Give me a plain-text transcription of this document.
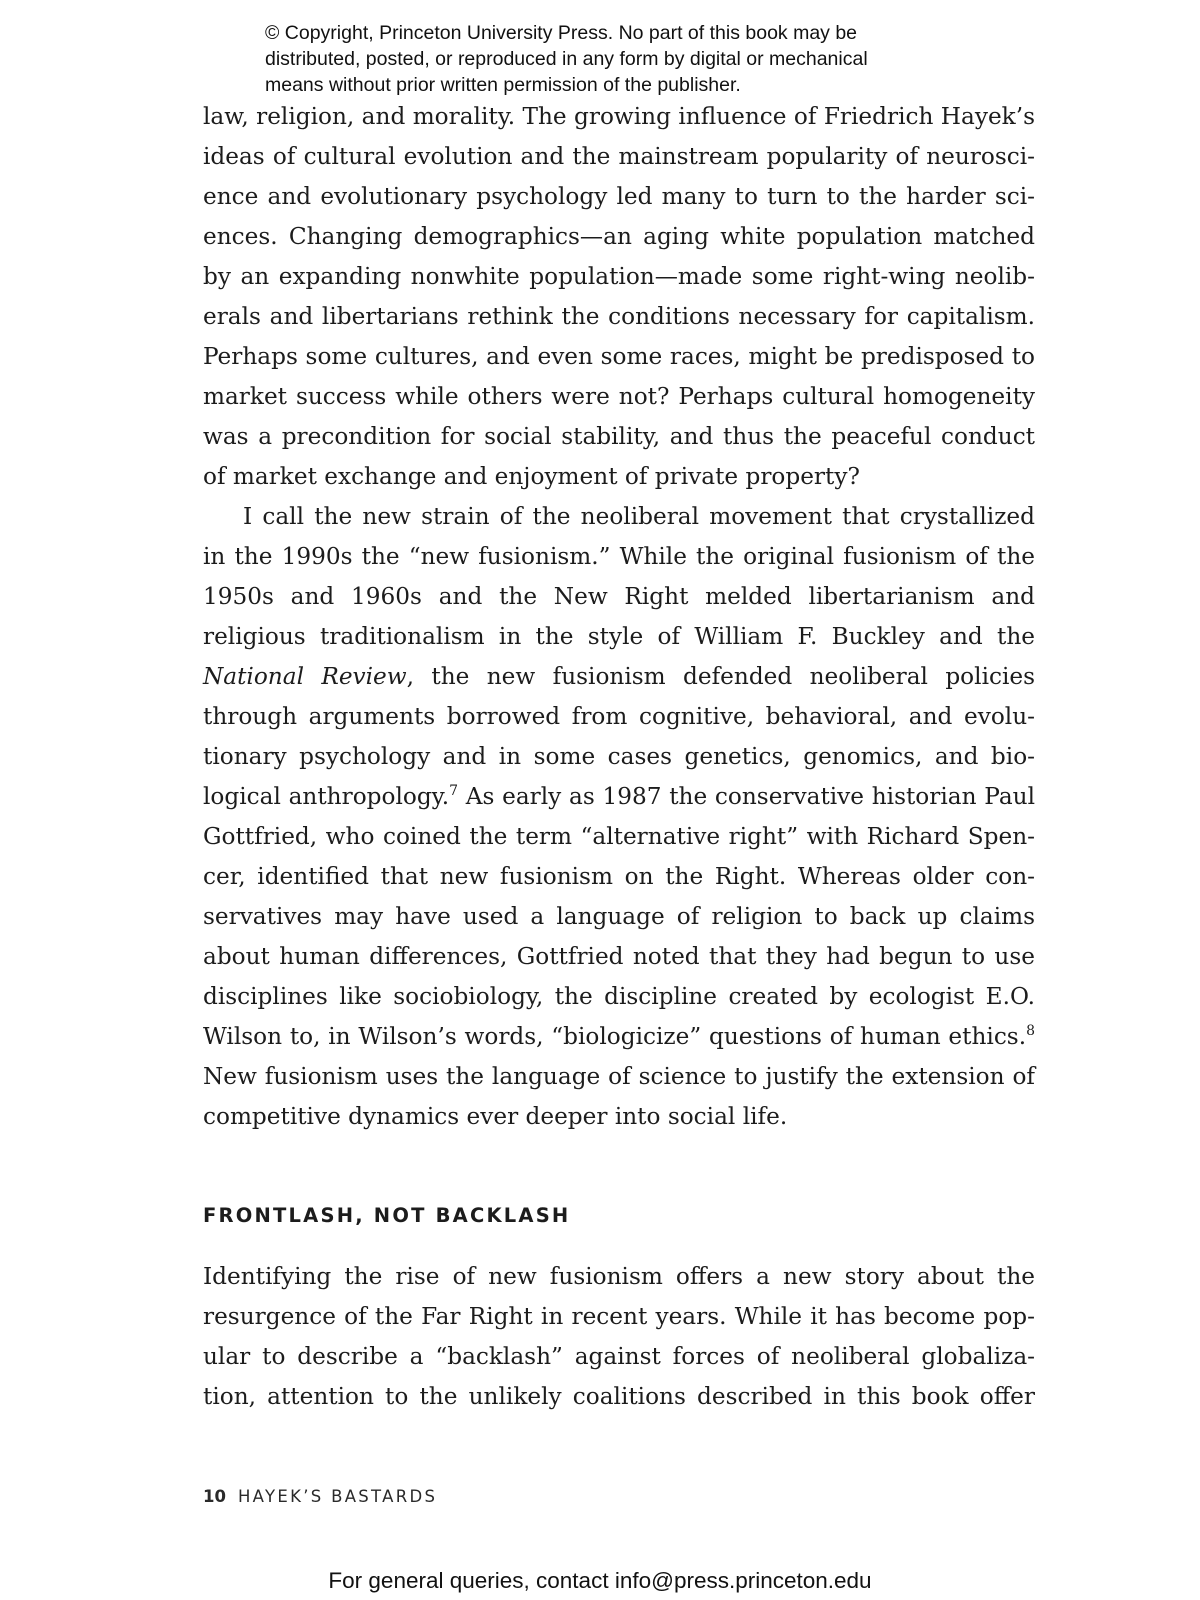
© Copyright, Princeton University Press. No part of this book may be
distributed, posted, or reproduced in any form by digital or mechanical
means without prior written permission of the publisher.

law, religion, and morality. The growing influence of Friedrich Hayek’s ideas of cultural evolution and the mainstream popularity of neuroscience and evolutionary psychology led many to turn to the harder sciences. Changing demographics—an aging white population matched by an expanding nonwhite population—made some right-wing neoliberals and libertarians rethink the conditions necessary for capitalism. Perhaps some cultures, and even some races, might be predisposed to market success while others were not? Perhaps cultural homogeneity was a precondition for social stability, and thus the peaceful conduct of market exchange and enjoyment of private property?

I call the new strain of the neoliberal movement that crystallized in the 1990s the “new fusionism.” While the original fusionism of the 1950s and 1960s and the New Right melded libertarianism and religious traditionalism in the style of William F. Buckley and the National Review, the new fusionism defended neoliberal policies through arguments borrowed from cognitive, behavioral, and evolutionary psychology and in some cases genetics, genomics, and biological anthropology.$^7$ As early as 1987 the conservative historian Paul Gottfried, who coined the term “alternative right” with Richard Spencer, identified that new fusionism on the Right. Whereas older conservatives may have used a language of religion to back up claims about human differences, Gottfried noted that they had begun to use disciplines like sociobiology, the discipline created by ecologist E.O. Wilson to, in Wilson’s words, “biologicize” questions of human ethics.$^8$ New fusionism uses the language of science to justify the extension of competitive dynamics ever deeper into social life.

FRONTLASH, NOT BACKLASH

Identifying the rise of new fusionism offers a new story about the resurgence of the Far Right in recent years. While it has become popular to describe a “backlash” against forces of neoliberal globalization, attention to the unlikely coalitions described in this book offer

10 HAYEK’S BASTARDS
For general queries, contact info@press.princeton.edu
